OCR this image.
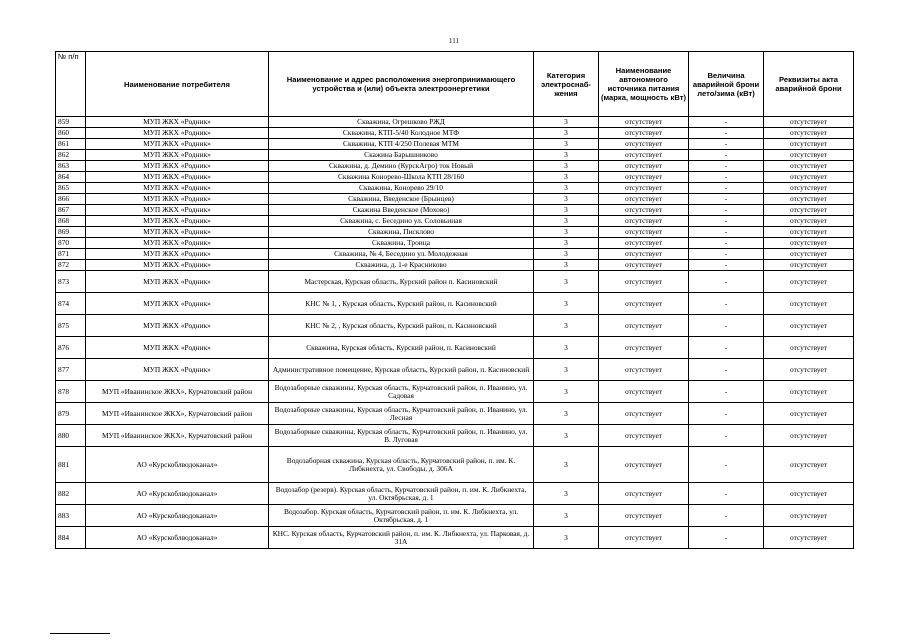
111
№ п/п	Наименование потребителя	Наименование и адрес расположения энергопринимающего устройства и (или) объекта электроэнергетики	Категория электроснаб-жения	Наименование автономного источника питания (марка, мощность кВт)	Величина аварийной брони лето/зима (кВт)	Реквизиты акта аварийной брони
859	МУП ЖКХ «Родник»	Скважина, Огрешково РЖД	3	отсутствует	-	отсутствует
860	МУП ЖКХ «Родник»	Скважина, КТП-5/40 Колодное МТФ	3	отсутствует	-	отсутствует
861	МУП ЖКХ «Родник»	Скважина, КТП 4/250 Полевая МТМ	3	отсутствует	-	отсутствует
862	МУП ЖКХ «Родник»	Скажина Барышниково	3	отсутствует	-	отсутствует
863	МУП ЖКХ «Родник»	Скважина, д. Демино (КурскАгро) ток Новый	3	отсутствует	-	отсутствует
864	МУП ЖКХ «Родник»	Скважина Конорево-Школа КТП 28/160	3	отсутствует	-	отсутствует
865	МУП ЖКХ «Родник»	Скважина, Конорево 29/10	3	отсутствует	-	отсутствует
866	МУП ЖКХ «Родник»	Скважина, Введенское (Брынцев)	3	отсутствует	-	отсутствует
867	МУП ЖКХ «Родник»	Скажина Введенское (Мохово)	3	отсутствует	-	отсутствует
868	МУП ЖКХ «Родник»	Скважина, с. Беседино ул. Соловьиная	3	отсутствует	-	отсутствует
869	МУП ЖКХ «Родник»	Скважина, Писклово	3	отсутствует	-	отсутствует
870	МУП ЖКХ «Родник»	Скважина, Троица	3	отсутствует	-	отсутствует
871	МУП ЖКХ «Родник»	Скважина, № 4, Беседино ул. Молодежная	3	отсутствует	-	отсутствует
872	МУП ЖКХ «Родник»	Скважина, д. 1-е Красниково	3	отсутствует	-	отсутствует
873	МУП ЖКХ «Родник»	Мастерская, Курская область, Курский район п. Касиновский	3	отсутствует	-	отсутствует
874	МУП ЖКХ «Родник»	КНС № 1, , Курская область, Курский район, п. Касиновский	3	отсутствует	-	отсутствует
875	МУП ЖКХ «Родник»	КНС № 2, , Курская область, Курский район, п. Касиновский	3	отсутствует	-	отсутствует
876	МУП ЖКХ «Родник»	Скважина, Курская область, Курский район, п. Касиновский	3	отсутствует	-	отсутствует
877	МУП ЖКХ «Родник»	Административное помещение, Курская область, Курский район, п. Касиновский	3	отсутствует	-	отсутствует
878	МУП «Иванинское ЖКХ», Курчатовский район	Водозаборные скважины, Курская область, Курчатовский район, п. Иванино, ул. Садовая	3	отсутствует	-	отсутствует
879	МУП «Иванинское ЖКХ», Курчатовский район	Водозаборные скважины, Курская область, Курчатовский район, п. Иванино, ул. Лесная	3	отсутствует	-	отсутствует
880	МУП «Иванинское ЖКХ», Курчатовский район	Водозаборные скважины, Курская область, Курчатовский район, п. Иванино, ул. В. Луговая	3	отсутствует	-	отсутствует
881	АО «Курскоблводоканал»	Водозаборная скважина, Курская область, Курчатовский район, п. им. К. Либкнехта, ул. Свободы, д. 306А	3	отсутствует	-	отсутствует
882	АО «Курскоблводоканал»	Водозабор (резерв). Курская область, Курчатовский район, п. им. К. Либкнехта, ул. Октябрьская, д. 1	3	отсутствует	-	отсутствует
883	АО «Курскоблводоканал»	Водозабор. Курская область, Курчатовский район, п. им. К. Либкнехта, ул. Октябрьская, д. 1	3	отсутствует	-	отсутствует
884	АО «Курскоблводоканал»	КНС. Курская область, Курчатовский район, п. им. К. Либкнехта, ул. Парковая, д. 31А	3	отсутствует	-	отсутствует
